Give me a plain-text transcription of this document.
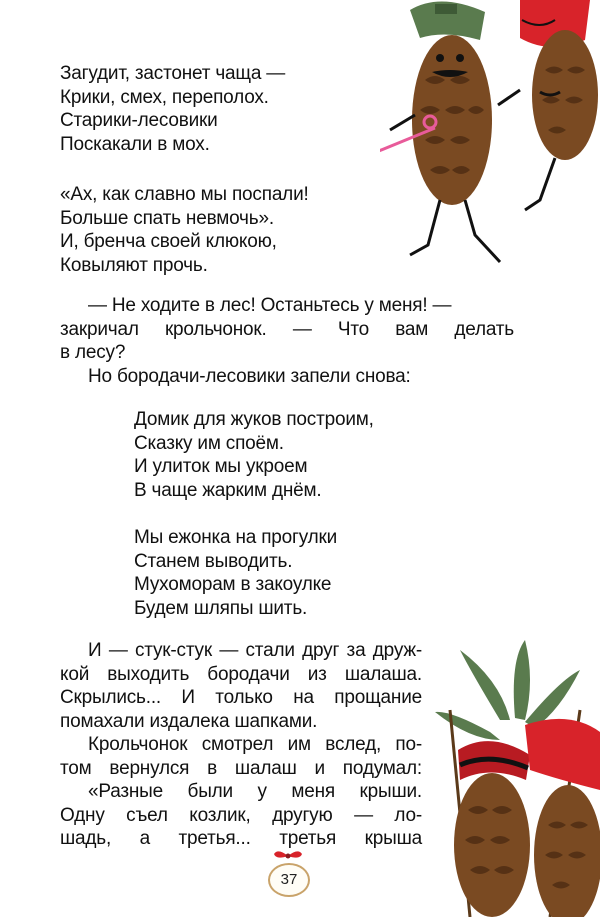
Загудит, застонет чаща —

Крики, смех, переполох.

Старики-лесовики

Поскакали в мох.

«Ах, как славно мы поспали!

Больше спать невмочь».

И, бренча своей клюкою,

Ковыляют прочь.

— Не ходите в лес! Останьтесь у меня! —

закричал крольчонок. — Что вам делать

в лесу?

Но бородачи-лесовики запели снова:

Домик для жуков построим,

Сказку им споём.

И улиток мы укроем

В чаще жарким днём.

Мы ежонка на прогулки

Станем выводить.

Мухоморам в закоулке

Будем шляпы шить.

И — стук-стук — стали друг за друж-

кой выходить бородачи из шалаша.

Скрылись... И только на прощание

помахали издалека шапками.

Крольчонок смотрел им вслед, по-

том вернулся в шалаш и подумал:

«Разные были у меня крыши.

Одну съел козлик, другую — ло-

шадь, а третья... третья крыша

37
